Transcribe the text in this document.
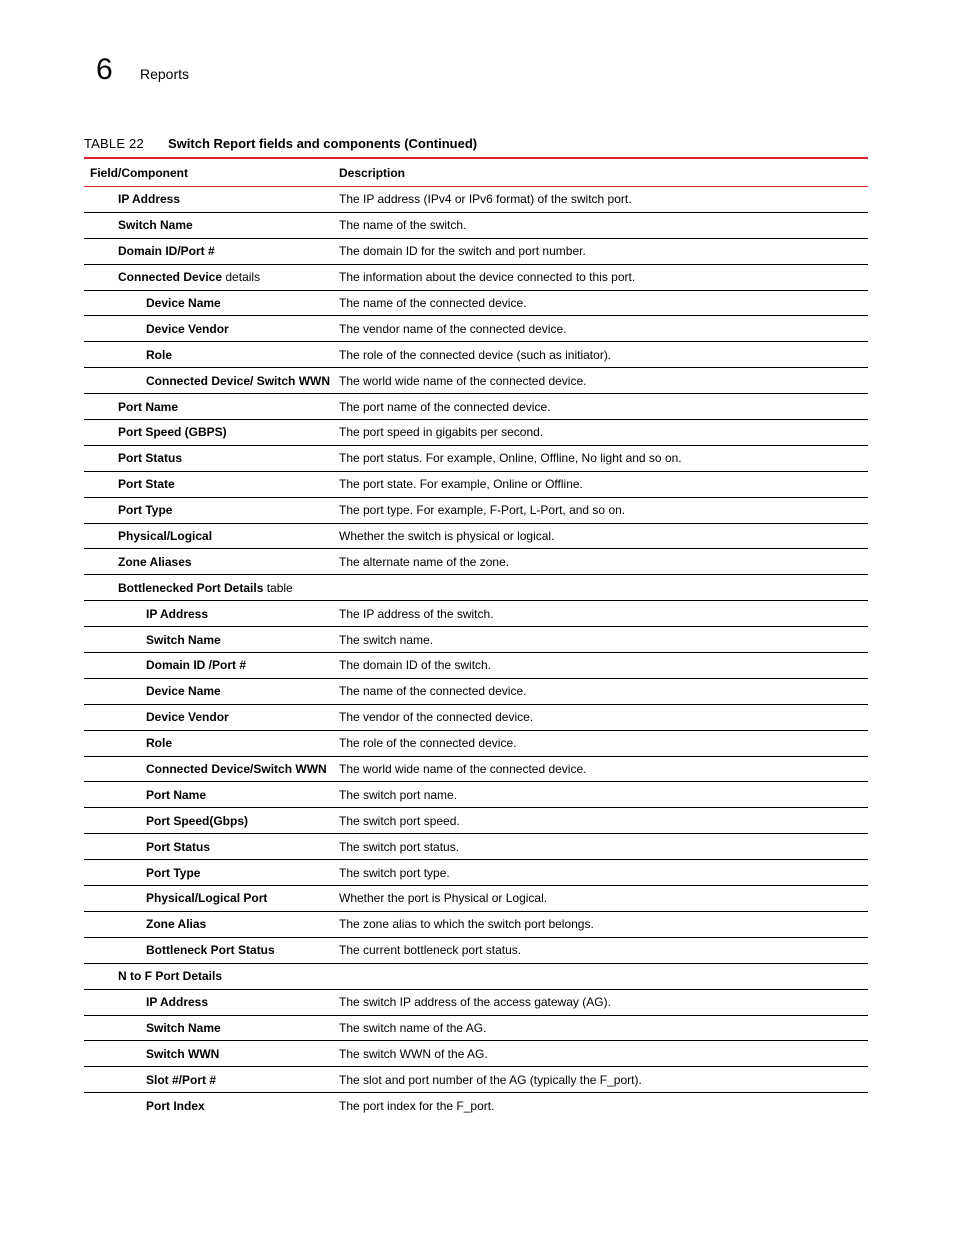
6 Reports
TABLE 22 Switch Report fields and components (Continued)
Field/Component	Description
IP Address	The IP address (IPv4 or IPv6 format) of the switch port.
Switch Name	The name of the switch.
Domain ID/Port #	The domain ID for the switch and port number.
Connected Device details	The information about the device connected to this port.
Device Name	The name of the connected device.
Device Vendor	The vendor name of the connected device.
Role	The role of the connected device (such as initiator).
Connected Device/ Switch WWN	The world wide name of the connected device.
Port Name	The port name of the connected device.
Port Speed (GBPS)	The port speed in gigabits per second.
Port Status	The port status. For example, Online, Offline, No light and so on.
Port State	The port state. For example, Online or Offline.
Port Type	The port type. For example, F-Port, L-Port, and so on.
Physical/Logical	Whether the switch is physical or logical.
Zone Aliases	The alternate name of the zone.
Bottlenecked Port Details table	
IP Address	The IP address of the switch.
Switch Name	The switch name.
Domain ID /Port #	The domain ID of the switch.
Device Name	The name of the connected device.
Device Vendor	The vendor of the connected device.
Role	The role of the connected device.
Connected Device/Switch WWN	The world wide name of the connected device.
Port Name	The switch port name.
Port Speed(Gbps)	The switch port speed.
Port Status	The switch port status.
Port Type	The switch port type.
Physical/Logical Port	Whether the port is Physical or Logical.
Zone Alias	The zone alias to which the switch port belongs.
Bottleneck Port Status	The current bottleneck port status.
N to F Port Details	
IP Address	The switch IP address of the access gateway (AG).
Switch Name	The switch name of the AG.
Switch WWN	The switch WWN of the AG.
Slot #/Port #	The slot and port number of the AG (typically the F_port).
Port Index	The port index for the F_port.
